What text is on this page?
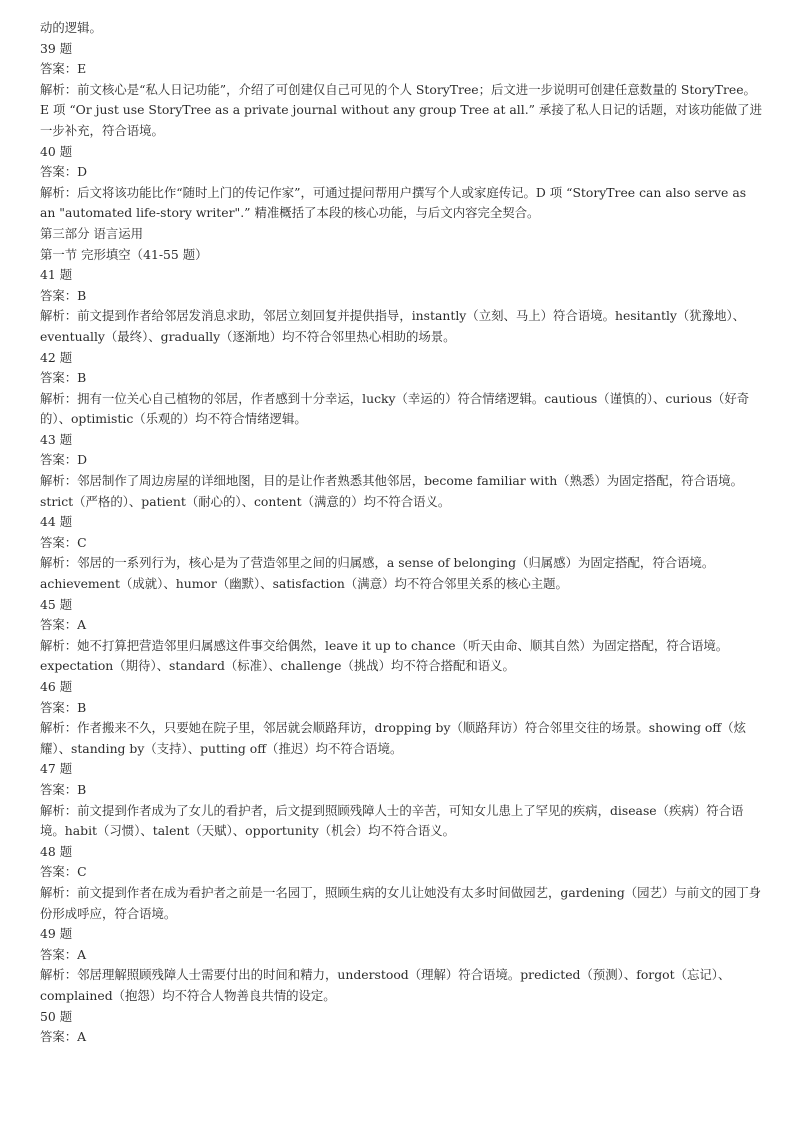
动的逻辑。

39 题

答案：E

解析：前文核心是“私人日记功能”，介绍了可创建仅自己可见的个人 StoryTree；后文进一步说明可创建任意数量的 StoryTree。E 项 “Or just use StoryTree as a private journal without any group Tree at all.” 承接了私人日记的话题，对该功能做了进一步补充，符合语境。

40 题

答案：D

解析：后文将该功能比作“随时上门的传记作家”，可通过提问帮用户撰写个人或家庭传记。D 项 “StoryTree can also serve as an "automated life-story writer".” 精准概括了本段的核心功能，与后文内容完全契合。

第三部分 语言运用

第一节 完形填空（41-55 题）

41 题

答案：B

解析：前文提到作者给邻居发消息求助，邻居立刻回复并提供指导，instantly（立刻、马上）符合语境。hesitantly（犹豫地）、eventually（最终）、gradually（逐渐地）均不符合邻里热心相助的场景。

42 题

答案：B

解析：拥有一位关心自己植物的邻居，作者感到十分幸运，lucky（幸运的）符合情绪逻辑。cautious（谨慎的）、curious（好奇的）、optimistic（乐观的）均不符合情绪逻辑。

43 题

答案：D

解析：邻居制作了周边房屋的详细地图，目的是让作者熟悉其他邻居，become familiar with（熟悉）为固定搭配，符合语境。strict（严格的）、patient（耐心的）、content（满意的）均不符合语义。

44 题

答案：C

解析：邻居的一系列行为，核心是为了营造邻里之间的归属感，a sense of belonging（归属感）为固定搭配，符合语境。achievement（成就）、humor（幽默）、satisfaction（满意）均不符合邻里关系的核心主题。

45 题

答案：A

解析：她不打算把营造邻里归属感这件事交给偶然，leave it up to chance（听天由命、顺其自然）为固定搭配，符合语境。expectation（期待）、standard（标准）、challenge（挑战）均不符合搭配和语义。

46 题

答案：B

解析：作者搬来不久，只要她在院子里，邻居就会顺路拜访，dropping by（顺路拜访）符合邻里交往的场景。showing off（炫耀）、standing by（支持）、putting off（推迟）均不符合语境。

47 题

答案：B

解析：前文提到作者成为了女儿的看护者，后文提到照顾残障人士的辛苦，可知女儿患上了罕见的疾病，disease（疾病）符合语境。habit（习惯）、talent（天赋）、opportunity（机会）均不符合语义。

48 题

答案：C

解析：前文提到作者在成为看护者之前是一名园丁，照顾生病的女儿让她没有太多时间做园艺，gardening（园艺）与前文的园丁身份形成呼应，符合语境。

49 题

答案：A

解析：邻居理解照顾残障人士需要付出的时间和精力，understood（理解）符合语境。predicted（预测）、forgot（忘记）、complained（抱怨）均不符合人物善良共情的设定。

50 题

答案：A
